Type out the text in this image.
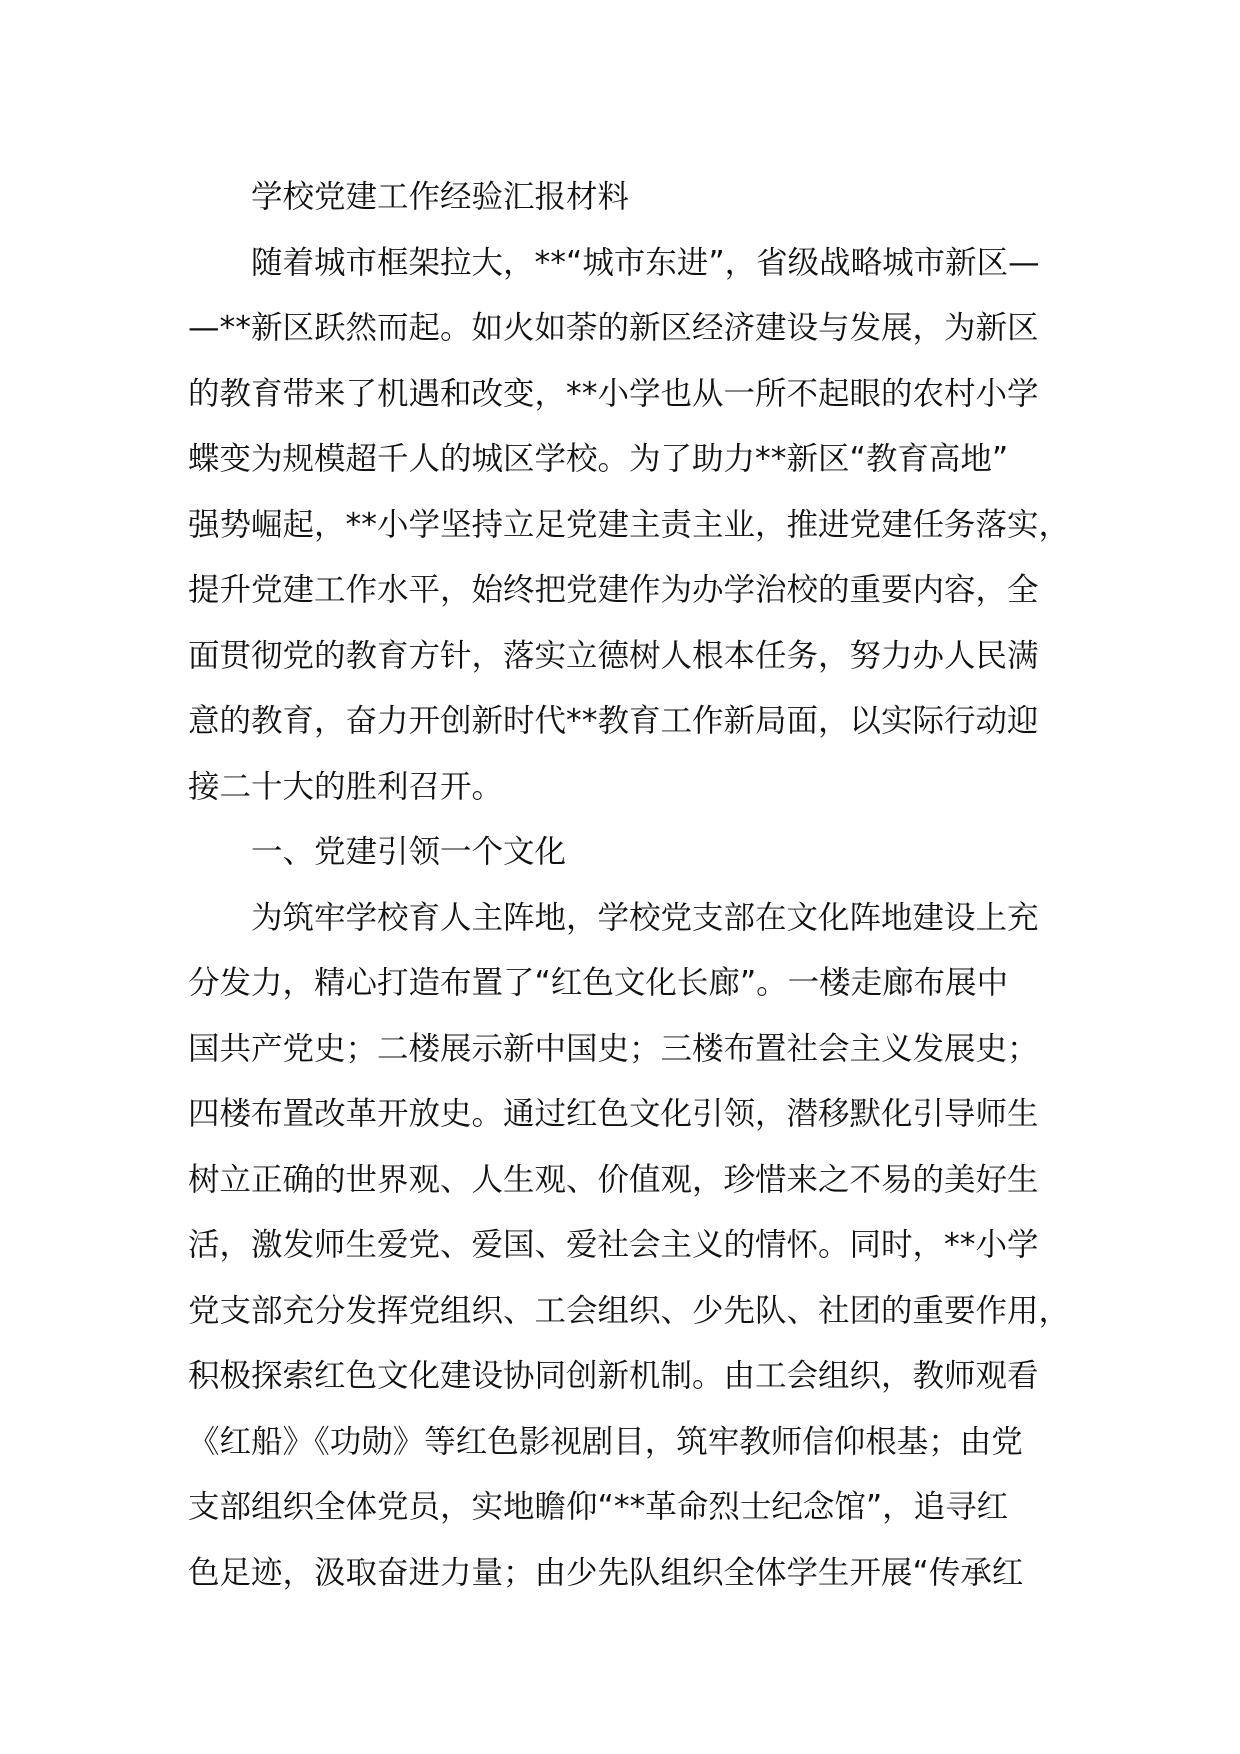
学校党建工作经验汇报材料
随着城市框架拉大，**“城市东进”，省级战略城市新区—
—**新区跃然而起。如火如荼的新区经济建设与发展，为新区
的教育带来了机遇和改变，**小学也从一所不起眼的农村小学
蝶变为规模超千人的城区学校。为了助力**新区“教育高地”
强势崛起，**小学坚持立足党建主责主业，推进党建任务落实，
提升党建工作水平，始终把党建作为办学治校的重要内容，全
面贯彻党的教育方针，落实立德树人根本任务，努力办人民满
意的教育，奋力开创新时代**教育工作新局面，以实际行动迎
接二十大的胜利召开。
一、党建引领一个文化
为筑牢学校育人主阵地，学校党支部在文化阵地建设上充
分发力，精心打造布置了“红色文化长廊”。一楼走廊布展中
国共产党史；二楼展示新中国史；三楼布置社会主义发展史；
四楼布置改革开放史。通过红色文化引领，潜移默化引导师生
树立正确的世界观、人生观、价值观，珍惜来之不易的美好生
活，激发师生爱党、爱国、爱社会主义的情怀。同时，**小学
党支部充分发挥党组织、工会组织、少先队、社团的重要作用，
积极探索红色文化建设协同创新机制。由工会组织，教师观看
《红船》《功勋》等红色影视剧目，筑牢教师信仰根基；由党
支部组织全体党员，实地瞻仰“**革命烈士纪念馆”，追寻红
色足迹，汲取奋进力量；由少先队组织全体学生开展“传承红
